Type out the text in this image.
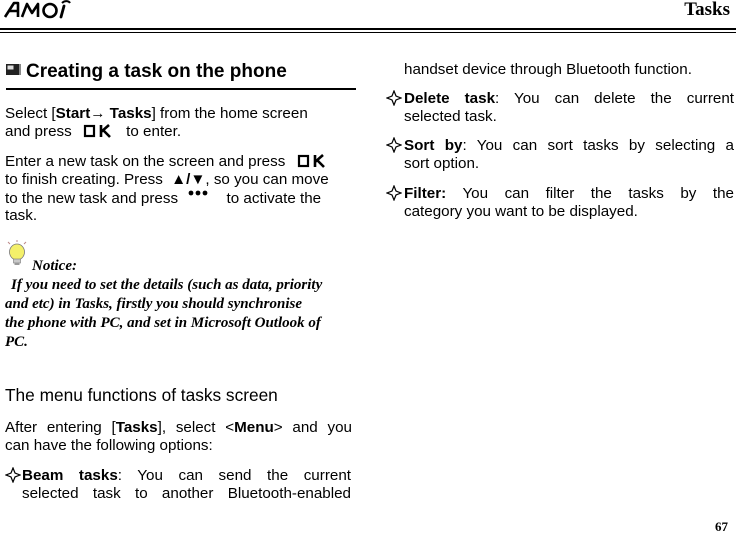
Tasks
Creating a task on the phone
Select [Start→ Tasks] from the home screen
and press	to enter.
Enter a new task on the screen and press
to finish creating. Press ▲/▼, so you can move
to the new task and press	to activate the
task.
Notice:
If you need to set the details (such as data, priority
and etc) in Tasks, firstly you should synchronise
the phone with PC, and set in Microsoft Outlook of
PC.
The menu functions of tasks screen
After entering [Tasks], select <Menu> and you
can have the following options:
Beam tasks: You can send the current
selected task to another Bluetooth-enabled
handset device through Bluetooth function.
Delete task: You can delete the current
selected task.
Sort by: You can sort tasks by selecting a
sort option.
Filter: You can filter the tasks by the
category you want to be displayed.
67
